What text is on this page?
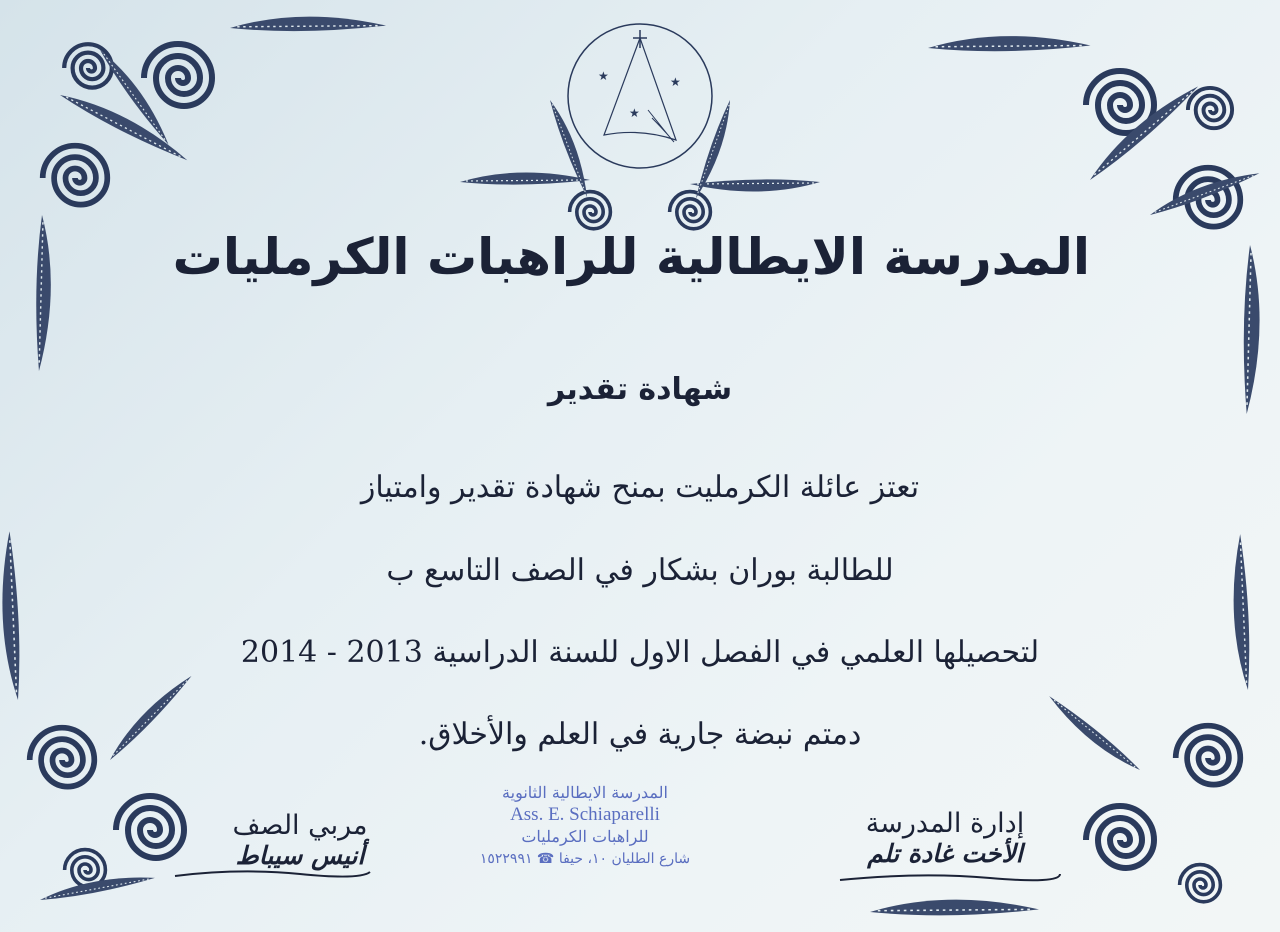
★	★
★
المدرسة الايطالية للراهبات الكرمليات
شهادة تقدير
تعتز عائلة الكرمليت بمنح شهادة تقدير وامتياز
للطالبة بوران بشكار في الصف التاسع ب
لتحصيلها العلمي في الفصل الاول للسنة الدراسية 2013 - 2014
دمتم نبضة جارية في العلم والأخلاق.
مربي الصف
أنيس سيباط
المدرسة الايطالية الثانوية
Ass. E. Schiaparelli
للراهبات الكرمليات
شارع الطليان ١٠، حيفا ☎ ١٥٢٢٩٩١
إدارة المدرسة
الأخت غادة تلم
